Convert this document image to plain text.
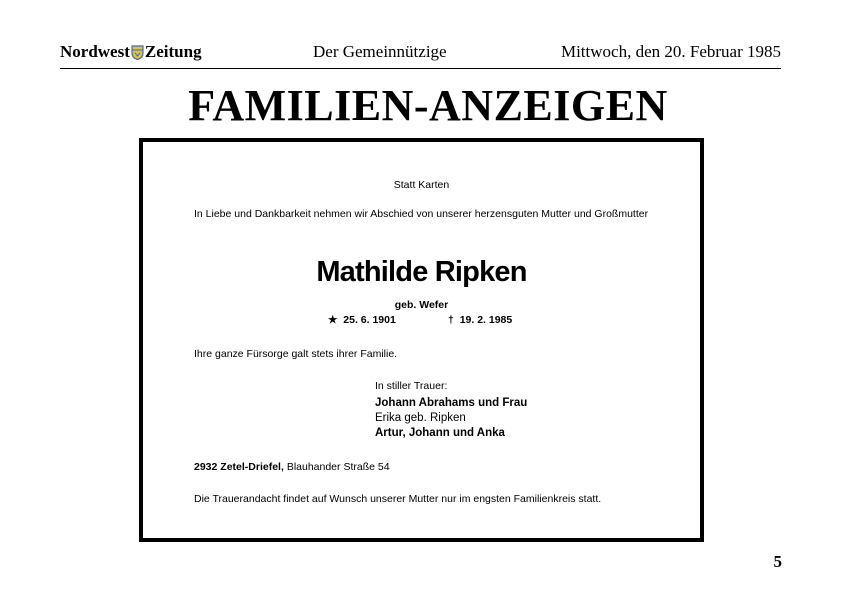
Nordwest Zeitung	Der Gemeinnützige	Mittwoch, den 20. Februar 1985
FAMILIEN-ANZEIGEN
Statt Karten
In Liebe und Dankbarkeit nehmen wir Abschied von unserer herzensguten Mutter und Großmutter
Mathilde Ripken
geb. Wefer
★ 25. 6. 1901	† 19. 2. 1985
Ihre ganze Fürsorge galt stets ihrer Familie.
In stiller Trauer:
Johann Abrahams und Frau
Erika geb. Ripken
Artur, Johann und Anka
2932 Zetel-Driefel, Blauhander Straße 54
Die Trauerandacht findet auf Wunsch unserer Mutter nur im engsten Familienkreis statt.
5
